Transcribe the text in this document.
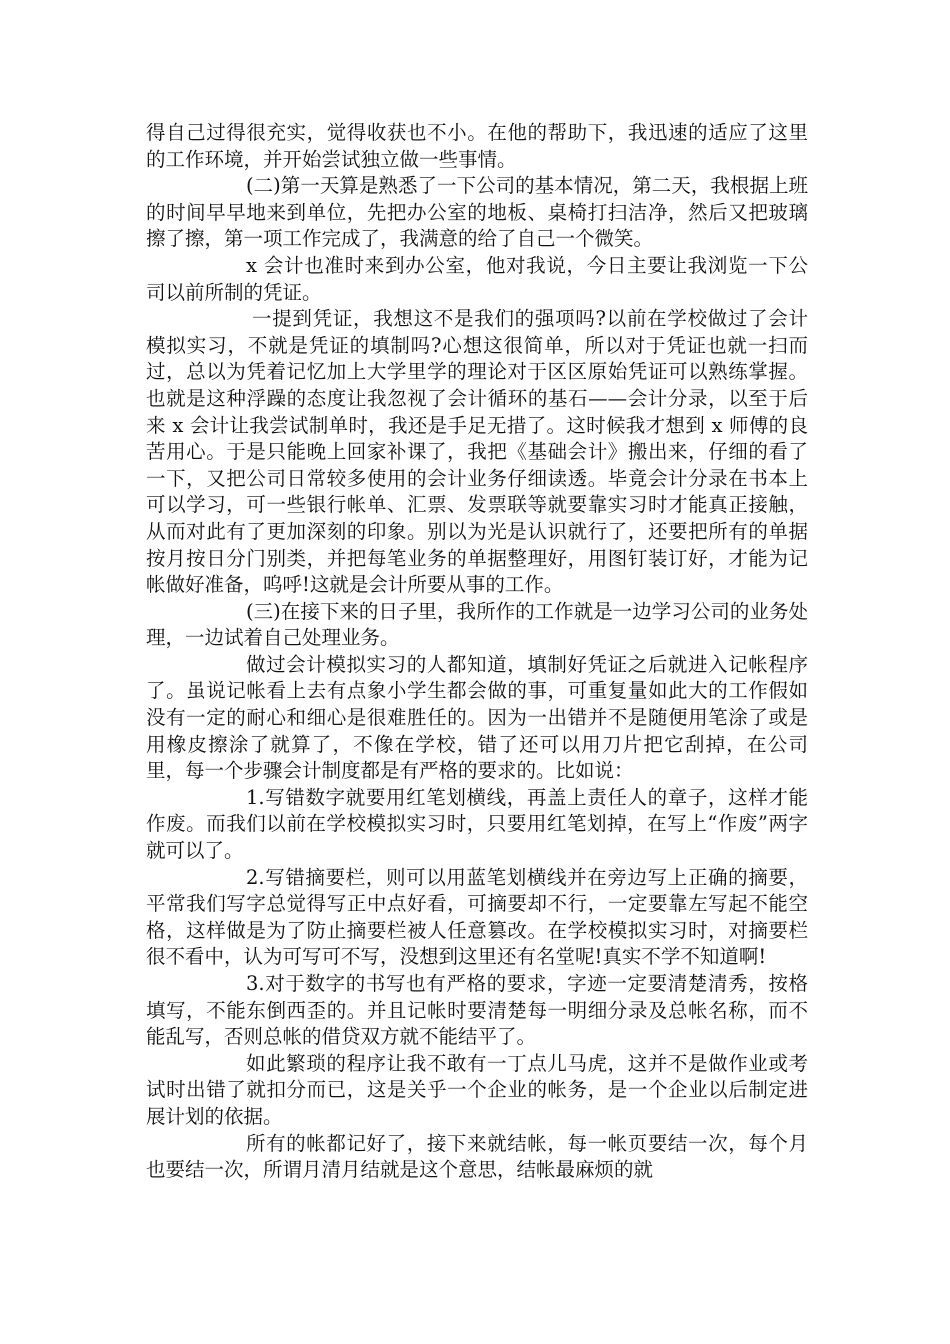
得自己过得很充实，觉得收获也不小。在他的帮助下，我迅速的适应了这里的工作环境，并开始尝试独立做一些事情。

(二)第一天算是熟悉了一下公司的基本情况，第二天，我根据上班的时间早早地来到单位，先把办公室的地板、桌椅打扫洁净，然后又把玻璃擦了擦，第一项工作完成了，我满意的给了自己一个微笑。

x 会计也准时来到办公室，他对我说，今日主要让我浏览一下公司以前所制的凭证。

一提到凭证，我想这不是我们的强项吗?以前在学校做过了会计模拟实习，不就是凭证的填制吗?心想这很简单，所以对于凭证也就一扫而过，总以为凭着记忆加上大学里学的理论对于区区原始凭证可以熟练掌握。也就是这种浮躁的态度让我忽视了会计循环的基石——会计分录，以至于后来 x 会计让我尝试制单时，我还是手足无措了。这时候我才想到 x 师傅的良苦用心。于是只能晚上回家补课了，我把《基础会计》搬出来，仔细的看了一下，又把公司日常较多使用的会计业务仔细读透。毕竟会计分录在书本上可以学习，可一些银行帐单、汇票、发票联等就要靠实习时才能真正接触，从而对此有了更加深刻的印象。别以为光是认识就行了，还要把所有的单据按月按日分门别类，并把每笔业务的单据整理好，用图钉装订好，才能为记帐做好准备，呜呼!这就是会计所要从事的工作。

(三)在接下来的日子里，我所作的工作就是一边学习公司的业务处理，一边试着自己处理业务。

做过会计模拟实习的人都知道，填制好凭证之后就进入记帐程序了。虽说记帐看上去有点象小学生都会做的事，可重复量如此大的工作假如没有一定的耐心和细心是很难胜任的。因为一出错并不是随便用笔涂了或是用橡皮擦涂了就算了，不像在学校，错了还可以用刀片把它刮掉，在公司里，每一个步骤会计制度都是有严格的要求的。比如说：

1.写错数字就要用红笔划横线，再盖上责任人的章子，这样才能作废。而我们以前在学校模拟实习时，只要用红笔划掉，在写上“作废”两字就可以了。

2.写错摘要栏，则可以用蓝笔划横线并在旁边写上正确的摘要，平常我们写字总觉得写正中点好看，可摘要却不行，一定要靠左写起不能空格，这样做是为了防止摘要栏被人任意篡改。在学校模拟实习时，对摘要栏很不看中，认为可写可不写，没想到这里还有名堂呢!真实不学不知道啊!

3.对于数字的书写也有严格的要求，字迹一定要清楚清秀，按格填写，不能东倒西歪的。并且记帐时要清楚每一明细分录及总帐名称，而不能乱写，否则总帐的借贷双方就不能结平了。

如此繁琐的程序让我不敢有一丁点儿马虎，这并不是做作业或考试时出错了就扣分而已，这是关乎一个企业的帐务，是一个企业以后制定进展计划的依据。

所有的帐都记好了，接下来就结帐，每一帐页要结一次，每个月也要结一次，所谓月清月结就是这个意思，结帐最麻烦的就
